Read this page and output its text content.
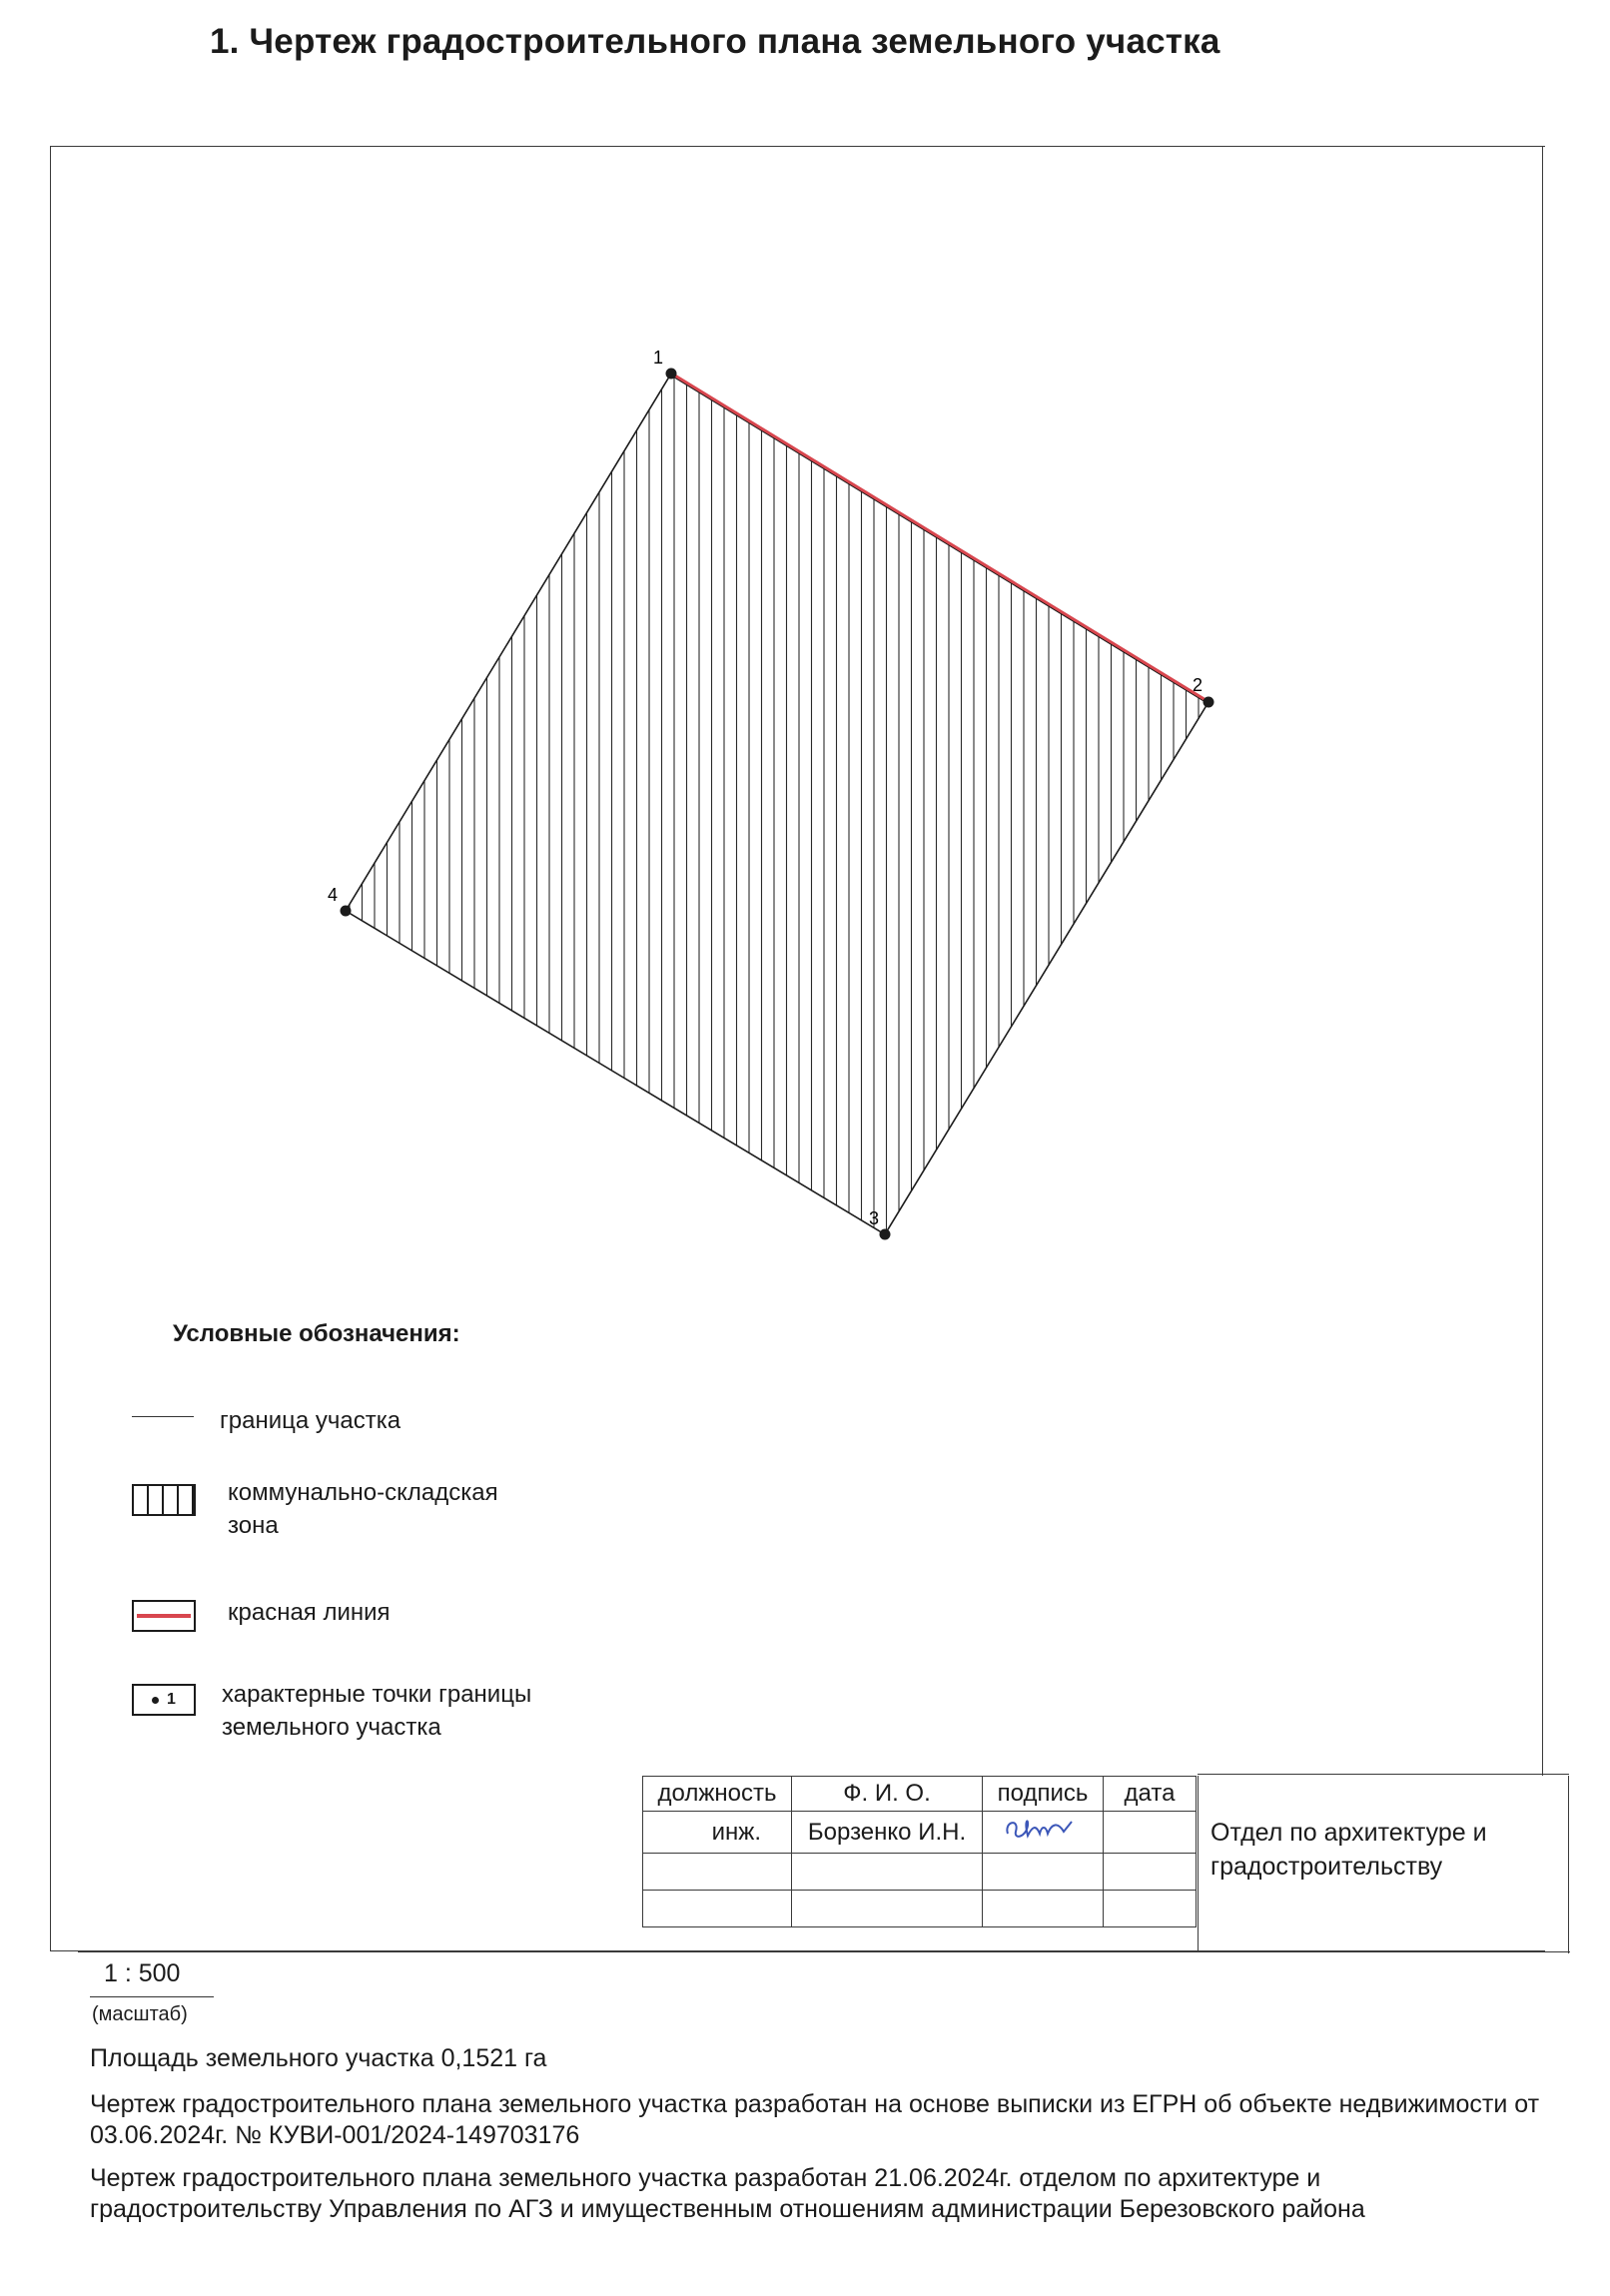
1. Чертеж градостроительного плана земельного участка
1
2
3
4
Условные обозначения:
граница участка
коммунально-складская
зона
красная линия
1 характерные точки границы
земельного участка
должность	Ф. И. О.	подпись	дата
инж.	Борзенко И.Н.		

				Отдел по архитектуре и
градостроительству
1 : 500
(масштаб)
Площадь земельного участка 0,1521 га
Чертеж градостроительного плана земельного участка разработан на основе выписки из ЕГРН об объекте недвижимости от 03.06.2024г. № КУВИ-001/2024-149703176
Чертеж градостроительного плана земельного участка разработан 21.06.2024г. отделом по архитектуре и градостроительству Управления по АГЗ и имущественным отношениям администрации Березовского района
